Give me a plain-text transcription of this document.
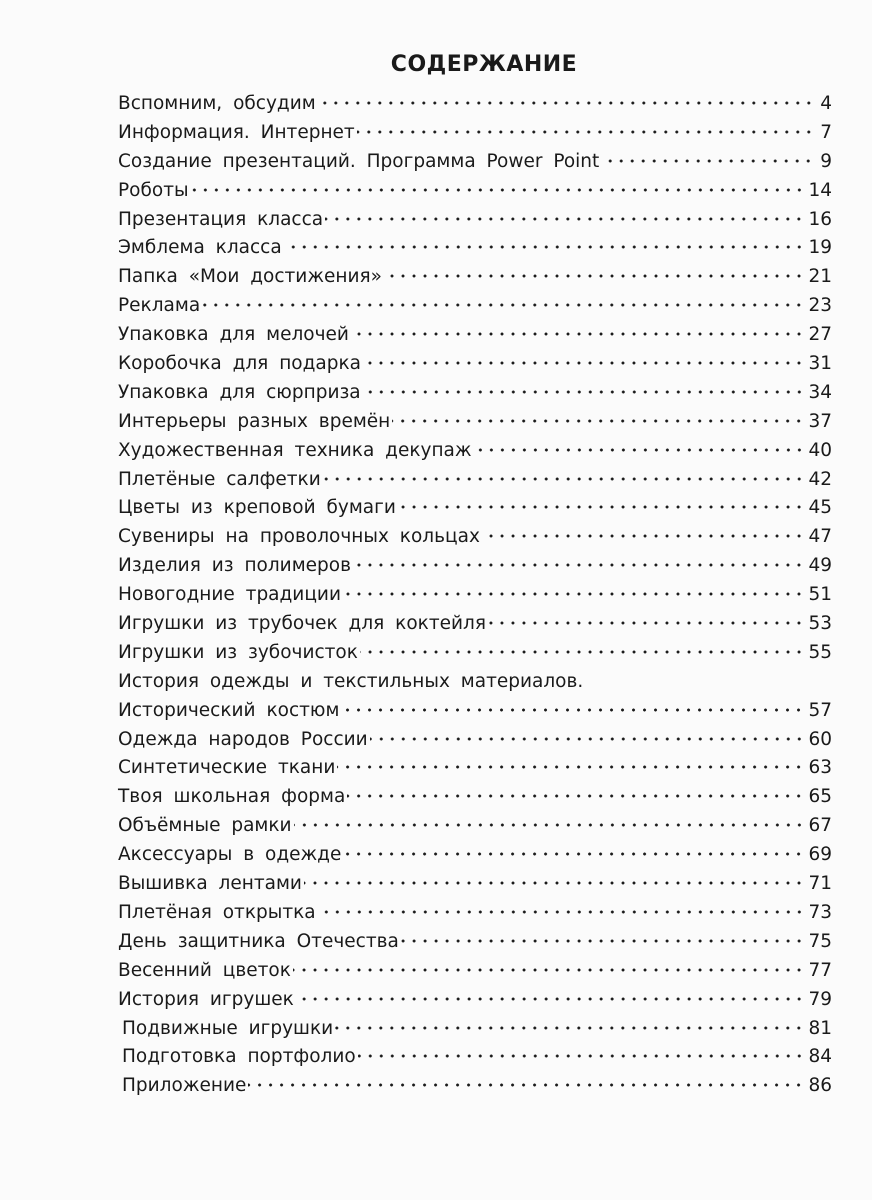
СОДЕРЖАНИЕ
Вспомним, обсудим	4
Информация. Интернет	7
Создание презентаций. Программа Power Point	9
Роботы	14
Презентация класса	16
Эмблема класса	19
Папка «Мои достижения»	21
Реклама	23
Упаковка для мелочей	27
Коробочка для подарка	31
Упаковка для сюрприза	34
Интерьеры разных времён	37
Художественная техника декупаж	40
Плетёные салфетки	42
Цветы из креповой бумаги	45
Сувениры на проволочных кольцах	47
Изделия из полимеров	49
Новогодние традиции	51
Игрушки из трубочек для коктейля	53
Игрушки из зубочисток	55
История одежды и текстильных материалов.
Исторический костюм	57
Одежда народов России	60
Синтетические ткани	63
Твоя школьная форма	65
Объёмные рамки	67
Аксессуары в одежде	69
Вышивка лентами	71
Плетёная открытка	73
День защитника Отечества	75
Весенний цветок	77
История игрушек	79
Подвижные игрушки	81
Подготовка портфолио	84
Приложение	86
